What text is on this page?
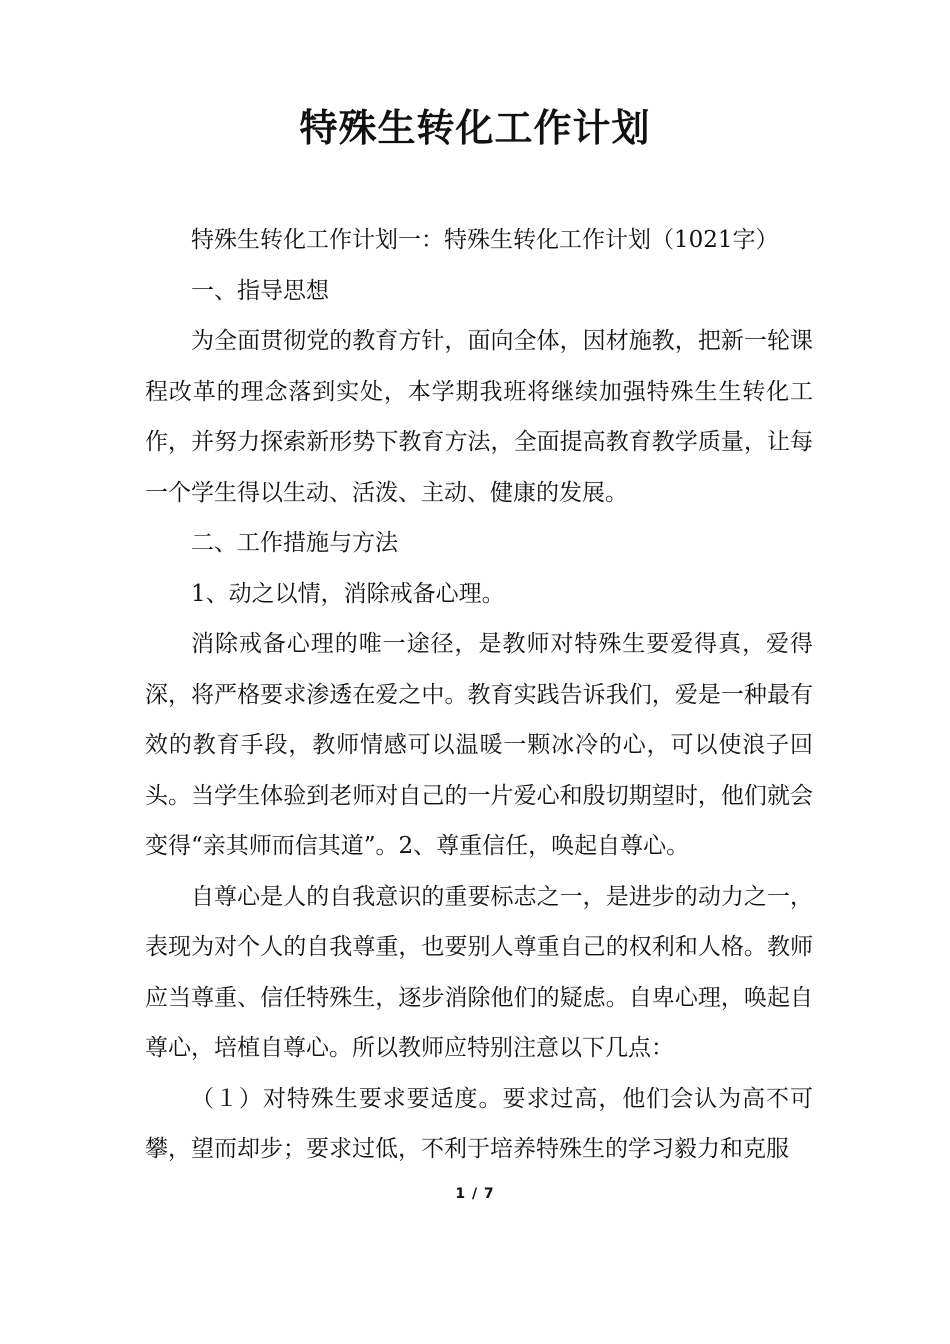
特殊生转化工作计划

特殊生转化工作计划一：特殊生转化工作计划（1021字）

一、指导思想

为全面贯彻党的教育方针，面向全体，因材施教，把新一轮课程改革的理念落到实处，本学期我班将继续加强特殊生生转化工作，并努力探索新形势下教育方法，全面提高教育教学质量，让每一个学生得以生动、活泼、主动、健康的发展。

二、工作措施与方法

1、动之以情，消除戒备心理。

消除戒备心理的唯一途径，是教师对特殊生要爱得真，爱得深，将严格要求渗透在爱之中。教育实践告诉我们，爱是一种最有效的教育手段，教师情感可以温暖一颗冰冷的心，可以使浪子回头。当学生体验到老师对自己的一片爱心和殷切期望时，他们就会变得“亲其师而信其道”。2、尊重信任，唤起自尊心。

自尊心是人的自我意识的重要标志之一，是进步的动力之一，表现为对个人的自我尊重，也要别人尊重自己的权利和人格。教师应当尊重、信任特殊生，逐步消除他们的疑虑。自卑心理，唤起自尊心，培植自尊心。所以教师应特别注意以下几点：

（１）对特殊生要求要适度。要求过高，他们会认为高不可攀，望而却步；要求过低，不利于培养特殊生的学习毅力和克服

1 / 7
